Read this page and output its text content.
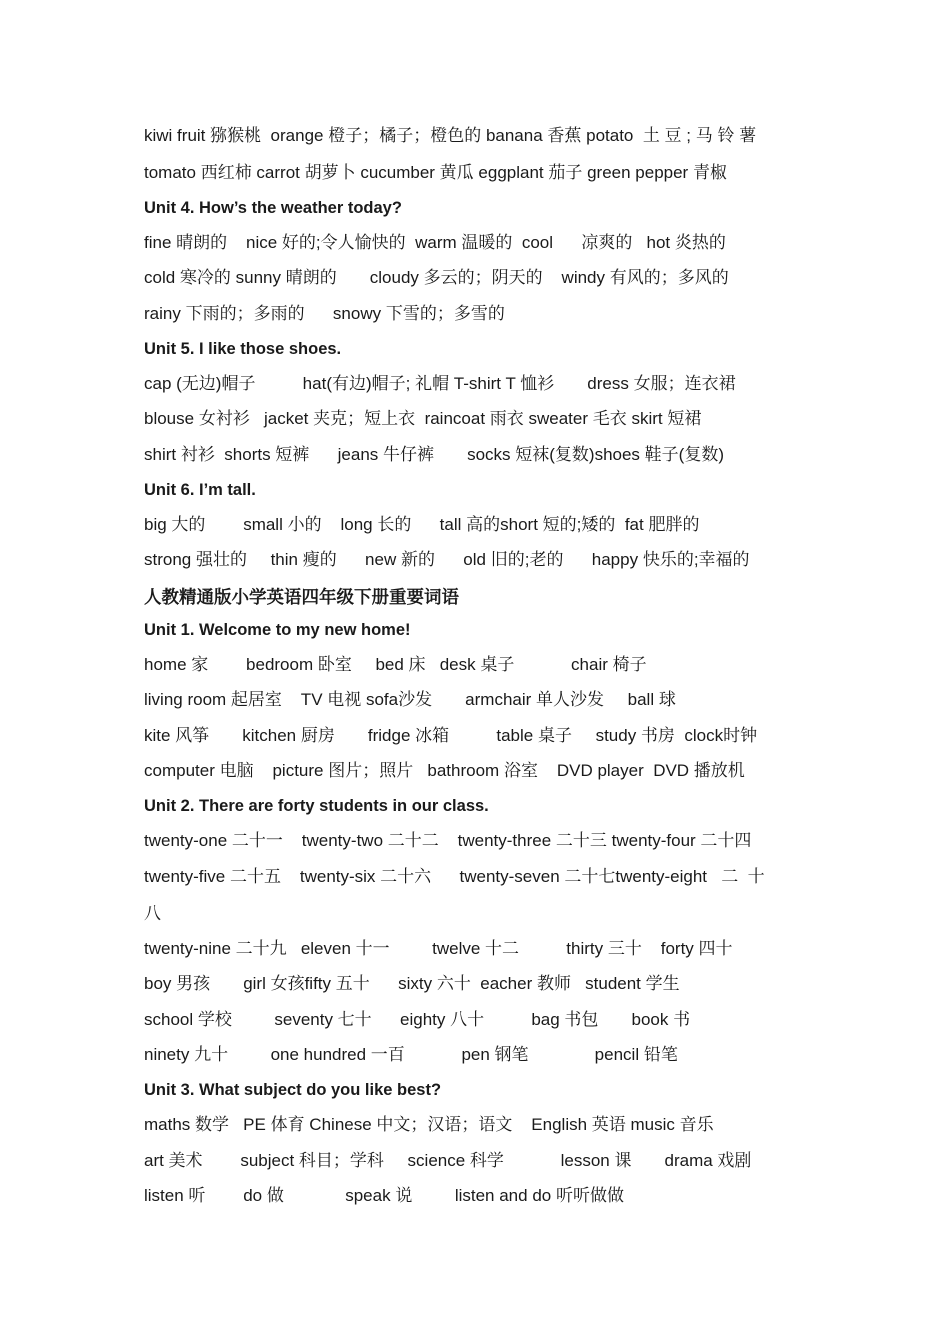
kiwi fruit 猕猴桃  orange 橙子；橘子；橙色的 banana 香蕉 potato  土 豆 ; 马 铃 薯
tomato 西红柿 carrot 胡萝卜 cucumber 黄瓜 eggplant 茄子 green pepper 青椒
Unit 4. How’s the weather today?
fine 晴朗的    nice 好的;令人愉快的  warm 温暖的  cool      凉爽的   hot 炎热的
cold 寒冷的 sunny 晴朗的       cloudy 多云的；阴天的    windy 有风的；多风的
rainy 下雨的；多雨的      snowy 下雪的；多雪的
Unit 5. I like those shoes.
cap (无边)帽子          hat(有边)帽子; 礼帽 T-shirt T 恤衫       dress 女服；连衣裙
blouse 女衬衫   jacket 夹克；短上衣  raincoat 雨衣 sweater 毛衣 skirt 短裙
shirt 衬衫  shorts 短裤      jeans 牛仔裤       socks 短袜(复数)shoes 鞋子(复数)
Unit 6. I’m tall.
big 大的        small 小的    long 长的      tall 高的short 短的;矮的  fat 肥胖的
strong 强壮的     thin 瘦的      new 新的      old 旧的;老的      happy 快乐的;幸福的
人教精通版小学英语四年级下册重要词语
Unit 1. Welcome to my new home!
home 家        bedroom 卧室     bed 床   desk 桌子            chair 椅子
living room 起居室    TV 电视 sofa沙发       armchair 单人沙发     ball 球
kite 风筝       kitchen 厨房       fridge 冰箱          table 桌子     study 书房  clock时钟
computer 电脑    picture 图片；照片   bathroom 浴室    DVD player  DVD 播放机
Unit 2. There are forty students in our class.
twenty-one 二十一    twenty-two 二十二    twenty-three 二十三 twenty-four 二十四
twenty-five 二十五    twenty-six 二十六      twenty-seven 二十七twenty-eight   二  十
八
twenty-nine 二十九   eleven 十一         twelve 十二          thirty 三十    forty 四十
boy 男孩       girl 女孩fifty 五十      sixty 六十  eacher 教师   student 学生
school 学校         seventy 七十      eighty 八十          bag 书包       book 书
ninety 九十         one hundred 一百            pen 钢笔              pencil 铅笔
Unit 3. What subject do you like best?
maths 数学   PE 体育 Chinese 中文；汉语；语文    English 英语 music 音乐
art 美术        subject 科目；学科     science 科学            lesson 课       drama 戏剧
listen 听        do 做             speak 说         listen and do 听听做做
